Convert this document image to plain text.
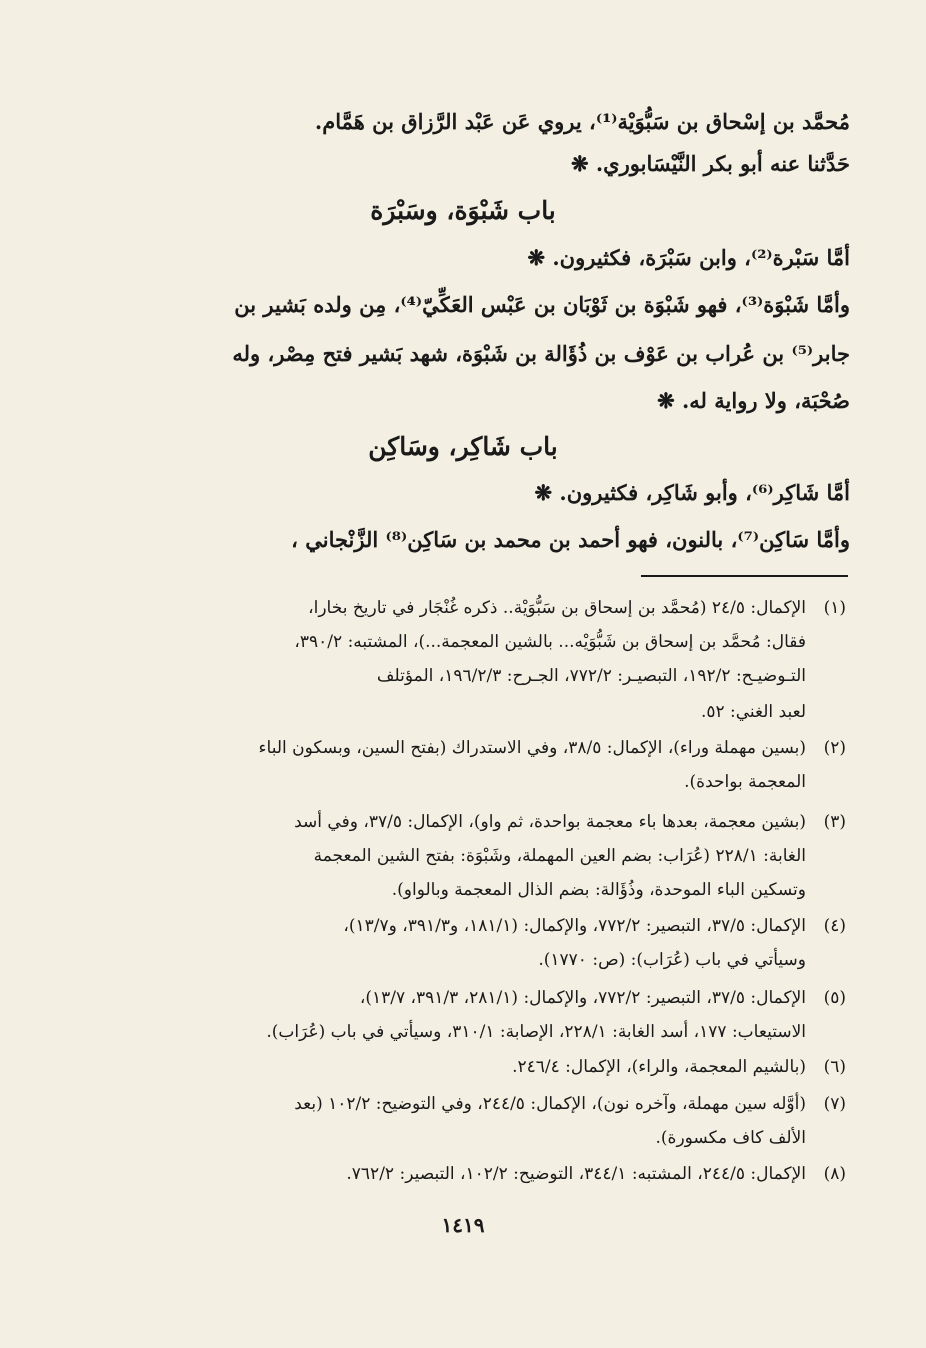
مُحمَّد بن إسْحاق بن سَبُّوَيْة⁽¹⁾، يروي عَن عَبْد الرَّزاق بن هَمَّام.
حَدَّثنا عنه أبو بكر النَّيْسَابوري. ❋
باب شَبْوَة، وسَبْرَة
أمَّا سَبْرة⁽²⁾، وابن سَبْرَة، فكثيرون. ❋
وأمَّا شَبْوَة⁽³⁾، فهو شَبْوَة بن ثَوْبَان بن عَبْس العَكِّيّ⁽⁴⁾، مِن ولده بَشير بن
جابر⁽⁵⁾ بن عُراب بن عَوْف بن ذُؤَالة بن شَبْوَة، شهد بَشير فتح مِصْر، وله
صُحْبَة، ولا رواية له. ❋
باب شَاكِر، وسَاكِن
أمَّا شَاكِر⁽⁶⁾، وأبو شَاكِر، فكثيرون. ❋
وأمَّا سَاكِن⁽⁷⁾، بالنون، فهو أحمد بن محمد بن سَاكِن⁽⁸⁾ الزَّنْجاني ،
(١)الإكمال: ٢٤/٥ (مُحمَّد بن إسحاق بن سَبُّوَيْة.. ذكره غُنْجَار في تاريخ بخارا،
فقال: مُحمَّد بن إسحاق بن شَبُّوَيْه... بالشين المعجمة...)، المشتبه: ٣٩٠/٢،
التـوضيـح: ١٩٢/٢، التبصيـر: ٧٧٢/٢، الجـرح: ١٩٦/٢/٣، المؤتلف
لعبد الغني: ٥٢.
(٢)(بسين مهملة وراء)، الإكمال: ٣٨/٥، وفي الاستدراك (بفتح السين، وبسكون الباء
المعجمة بواحدة).
(٣)(بشين معجمة، بعدها باء معجمة بواحدة، ثم واو)، الإكمال: ٣٧/٥، وفي أسد
الغابة: ٢٢٨/١ (عُرَاب: بضم العين المهملة، وشَبْوَة: بفتح الشين المعجمة
وتسكين الباء الموحدة، وذُؤَالة: بضم الذال المعجمة وبالواو).
(٤)الإكمال: ٣٧/٥، التبصير: ٧٧٢/٢، والإكمال: (١٨١/١، و٣٩١/٣، و١٣/٧)،
وسيأتي في باب (عُرَاب): (ص: ١٧٧٠).
(٥)الإكمال: ٣٧/٥، التبصير: ٧٧٢/٢، والإكمال: (٢٨١/١، ٣٩١/٣، ١٣/٧)،
الاستيعاب: ١٧٧، أسد الغابة: ٢٢٨/١، الإصابة: ٣١٠/١، وسيأتي في باب (عُرَاب).
(٦)(بالشيم المعجمة، والراء)، الإكمال: ٢٤٦/٤.
(٧)(أوَّله سين مهملة، وآخره نون)، الإكمال: ٢٤٤/٥، وفي التوضيح: ١٠٢/٢ (بعد
الألف كاف مكسورة).
(٨)الإكمال: ٢٤٤/٥، المشتبه: ٣٤٤/١، التوضيح: ١٠٢/٢، التبصير: ٧٦٢/٢.
١٤١٩
